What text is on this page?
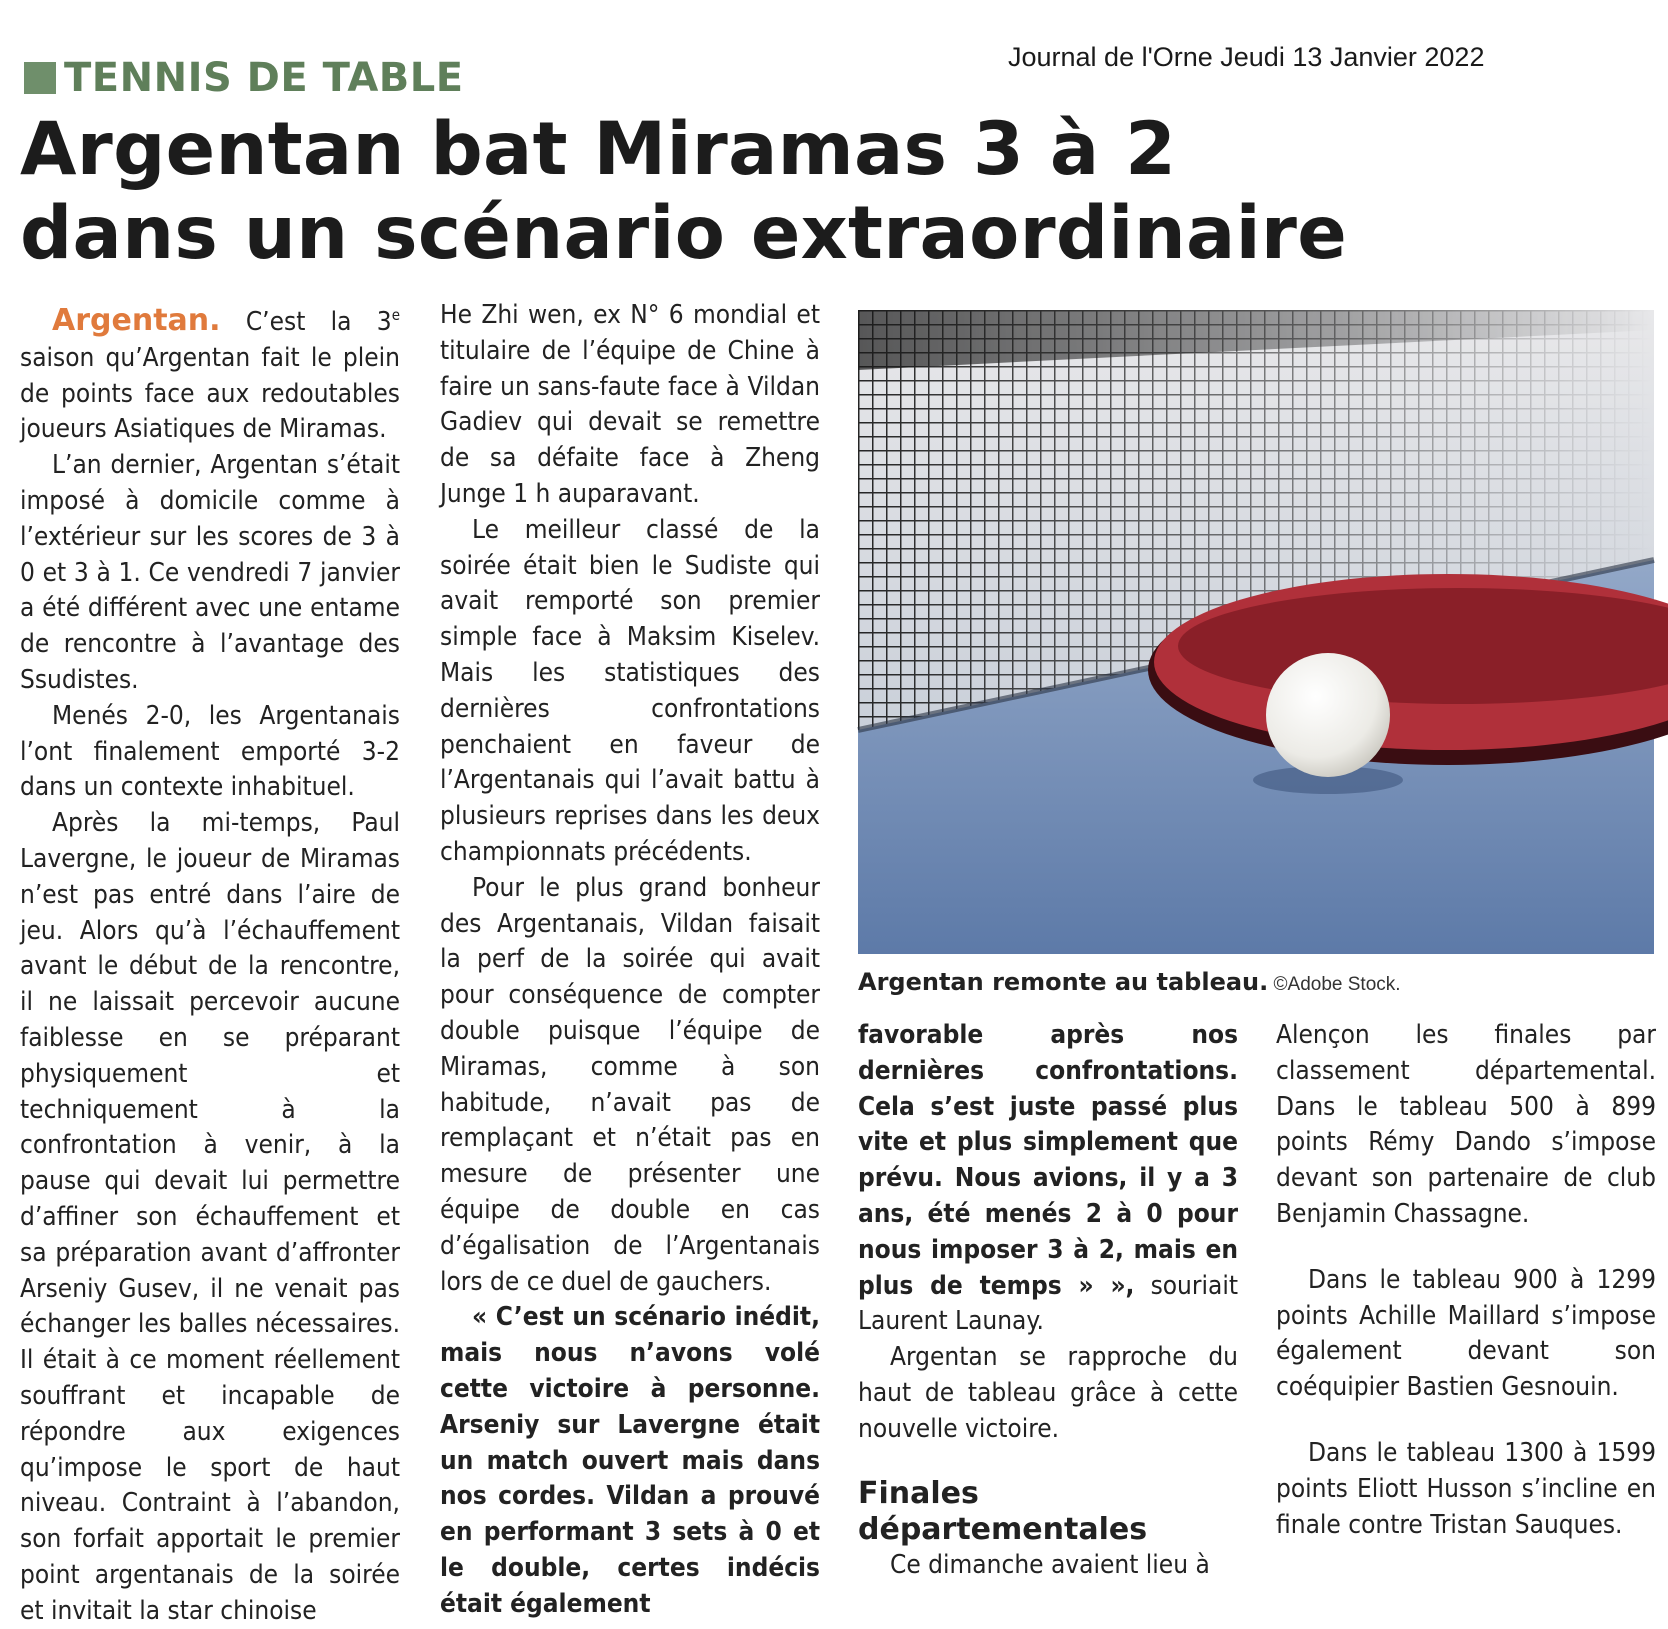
Journal de l'Orne Jeudi 13 Janvier 2022
TENNIS DE TABLE
Argentan bat Miramas 3 à 2
dans un scénario extraordinaire

Argentan. C’est la 3e saison qu’Argentan fait le plein de points face aux redoutables joueurs Asiatiques de Miramas.

L’an dernier, Argentan s’était imposé à domicile comme à l’extérieur sur les scores de 3 à 0 et 3 à 1. Ce vendredi 7 janvier a été différent avec une entame de rencontre à l’avantage des Ssudistes.

Menés 2-0, les Argentanais l’ont finalement emporté 3-2 dans un contexte inhabituel.

Après la mi-temps, Paul Lavergne, le joueur de Miramas n’est pas entré dans l’aire de jeu. Alors qu’à l’échauffement avant le début de la rencontre, il ne laissait percevoir aucune faiblesse en se préparant physiquement et techniquement à la confrontation à venir, à la pause qui devait lui permettre d’affiner son échauffement et sa préparation avant d’affronter Arseniy Gusev, il ne venait pas échanger les balles nécessaires. Il était à ce moment réellement souffrant et incapable de répondre aux exigences qu’impose le sport de haut niveau. Contraint à l’abandon, son forfait apportait le premier point argentanais de la soirée et invitait la star chinoise

He Zhi wen, ex N° 6 mondial et titulaire de l’équipe de Chine à faire un sans-faute face à Vildan Gadiev qui devait se remettre de sa défaite face à Zheng Junge 1 h auparavant.

Le meilleur classé de la soirée était bien le Sudiste qui avait remporté son premier simple face à Maksim Kiselev. Mais les statistiques des dernières confrontations penchaient en faveur de l’Argentanais qui l’avait battu à plusieurs reprises dans les deux championnats précédents.

Pour le plus grand bonheur des Argentanais, Vildan faisait la perf de la soirée qui avait pour conséquence de compter double puisque l’équipe de Miramas, comme à son habitude, n’avait pas de remplaçant et n’était pas en mesure de présenter une équipe de double en cas d’égalisation de l’Argentanais lors de ce duel de gauchers.

« C’est un scénario inédit, mais nous n’avons volé cette victoire à personne. Arseniy sur Lavergne était un match ouvert mais dans nos cordes. Vildan a prouvé en performant 3 sets à 0 et le double, certes indécis était également

Argentan remonte au tableau. ©Adobe Stock.

favorable après nos dernières confrontations. Cela s’est juste passé plus vite et plus simplement que prévu. Nous avions, il y a 3 ans, été menés 2 à 0 pour nous imposer 3 à 2, mais en plus de temps » », souriait Laurent Launay.

Argentan se rapproche du haut de tableau grâce à cette nouvelle victoire.

Finales départementales

Ce dimanche avaient lieu à

Alençon les finales par classement départemental. Dans le tableau 500 à 899 points Rémy Dando s’impose devant son partenaire de club Benjamin Chassagne.

Dans le tableau 900 à 1299 points Achille Maillard s’impose également devant son coéquipier Bastien Gesnouin.

Dans le tableau 1300 à 1599 points Eliott Husson s’incline en finale contre Tristan Sauques.
